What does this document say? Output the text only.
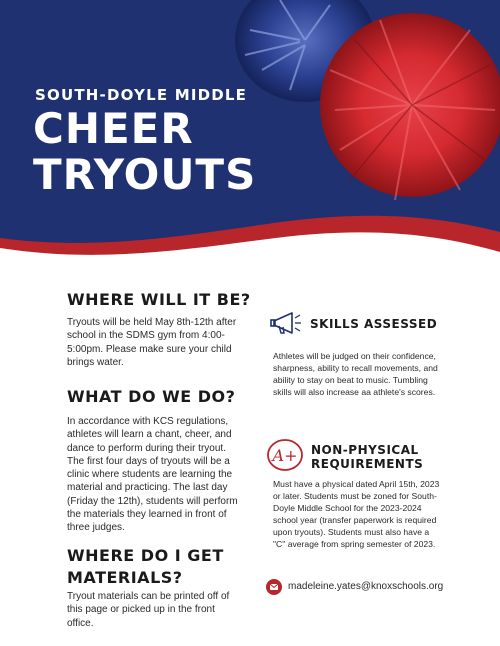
SOUTH-DOYLE MIDDLE
CHEER
TRYOUTS
WHERE WILL IT BE?
Tryouts will be held May 8th-12th after school in the SDMS gym from 4:00-5:00pm. Please make sure your child brings water.
WHAT DO WE DO?
In accordance with KCS regulations, athletes will learn a chant, cheer, and dance to perform during their tryout. The first four days of tryouts will be a clinic where students are learning the material and practicing. The last day (Friday the 12th), students will perform the materials they learned in front of three judges.
WHERE DO I GET
MATERIALS?
Tryout materials can be printed off of this page or picked up in the front office.
SKILLS ASSESSED
Athletes will be judged on their confidence, sharpness, ability to recall movements, and ability to stay on beat to music. Tumbling skills will also increase aa athlete's scores.
A+ NON-PHYSICAL
REQUIREMENTS
Must have a physical dated April 15th, 2023 or later. Students must be zoned for South-Doyle Middle School for the 2023-2024 school year (transfer paperwork is required upon tryouts). Students must also have a "C" average from spring semester of 2023.
madeleine.yates@knoxschools.org
